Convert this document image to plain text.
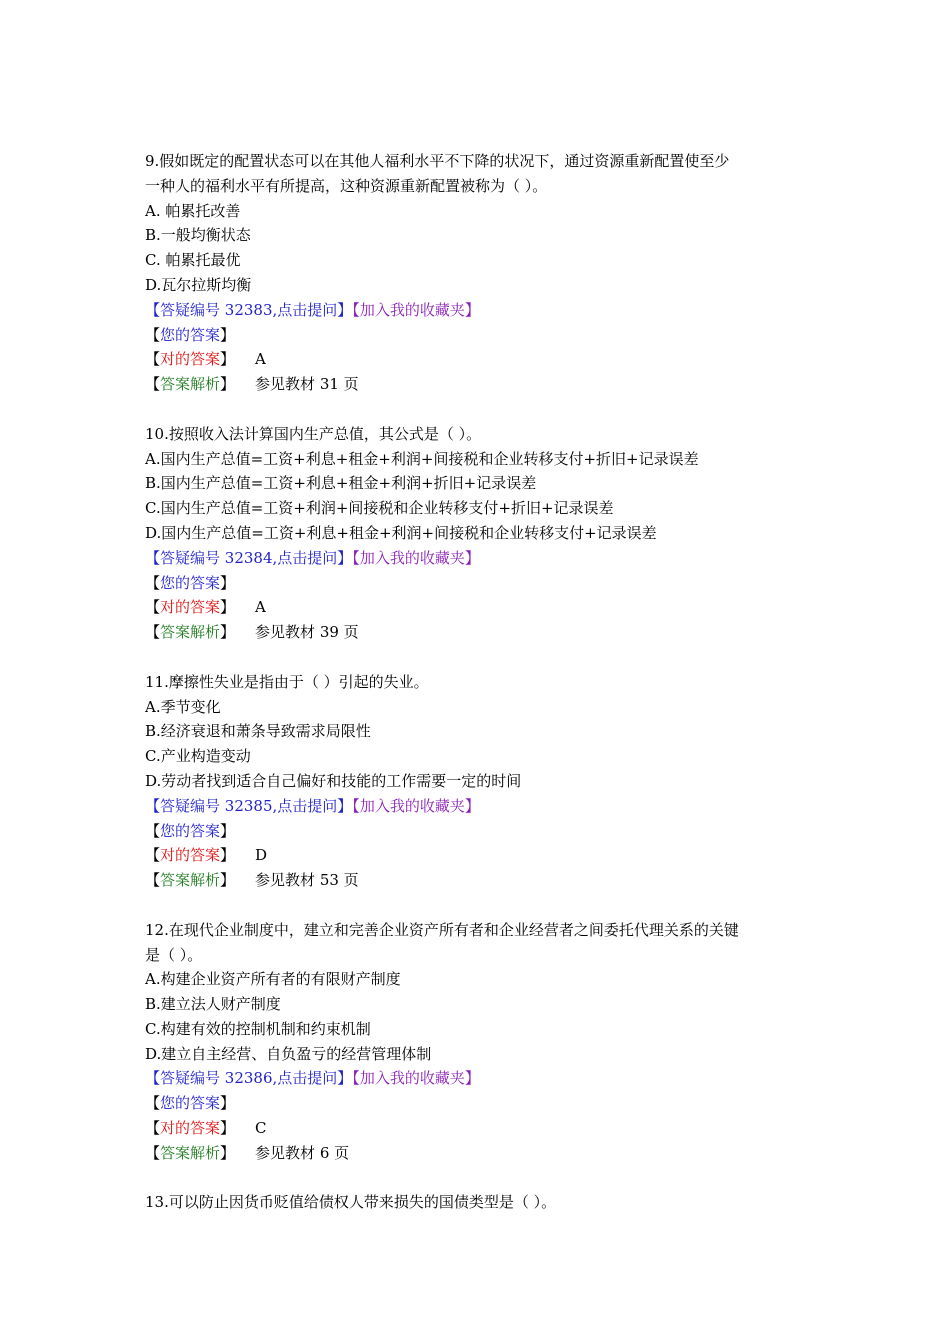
9.假如既定的配置状态可以在其他人福利水平不下降的状况下，通过资源重新配置使至少
一种人的福利水平有所提高，这种资源重新配置被称为（ ）。
A. 帕累托改善
B.一般均衡状态
C. 帕累托最优
D.瓦尔拉斯均衡
【答疑编号 32383,点击提问】【加入我的收藏夹】
【您的答案】
【对的答案】 A
【答案解析】 参见教材 31 页
10.按照收入法计算国内生产总值，其公式是（ ）。
A.国内生产总值=工资+利息+租金+利润+间接税和企业转移支付+折旧+记录误差
B.国内生产总值=工资+利息+租金+利润+折旧+记录误差
C.国内生产总值=工资+利润+间接税和企业转移支付+折旧+记录误差
D.国内生产总值=工资+利息+租金+利润+间接税和企业转移支付+记录误差
【答疑编号 32384,点击提问】【加入我的收藏夹】
【您的答案】
【对的答案】 A
【答案解析】 参见教材 39 页
11.摩擦性失业是指由于（ ）引起的失业。
A.季节变化
B.经济衰退和萧条导致需求局限性
C.产业构造变动
D.劳动者找到适合自己偏好和技能的工作需要一定的时间
【答疑编号 32385,点击提问】【加入我的收藏夹】
【您的答案】
【对的答案】 D
【答案解析】 参见教材 53 页
12.在现代企业制度中，建立和完善企业资产所有者和企业经营者之间委托代理关系的关键
是（ ）。
A.构建企业资产所有者的有限财产制度
B.建立法人财产制度
C.构建有效的控制机制和约束机制
D.建立自主经营、自负盈亏的经营管理体制
【答疑编号 32386,点击提问】【加入我的收藏夹】
【您的答案】
【对的答案】 C
【答案解析】 参见教材 6 页
13.可以防止因货币贬值给债权人带来损失的国债类型是（ ）。
